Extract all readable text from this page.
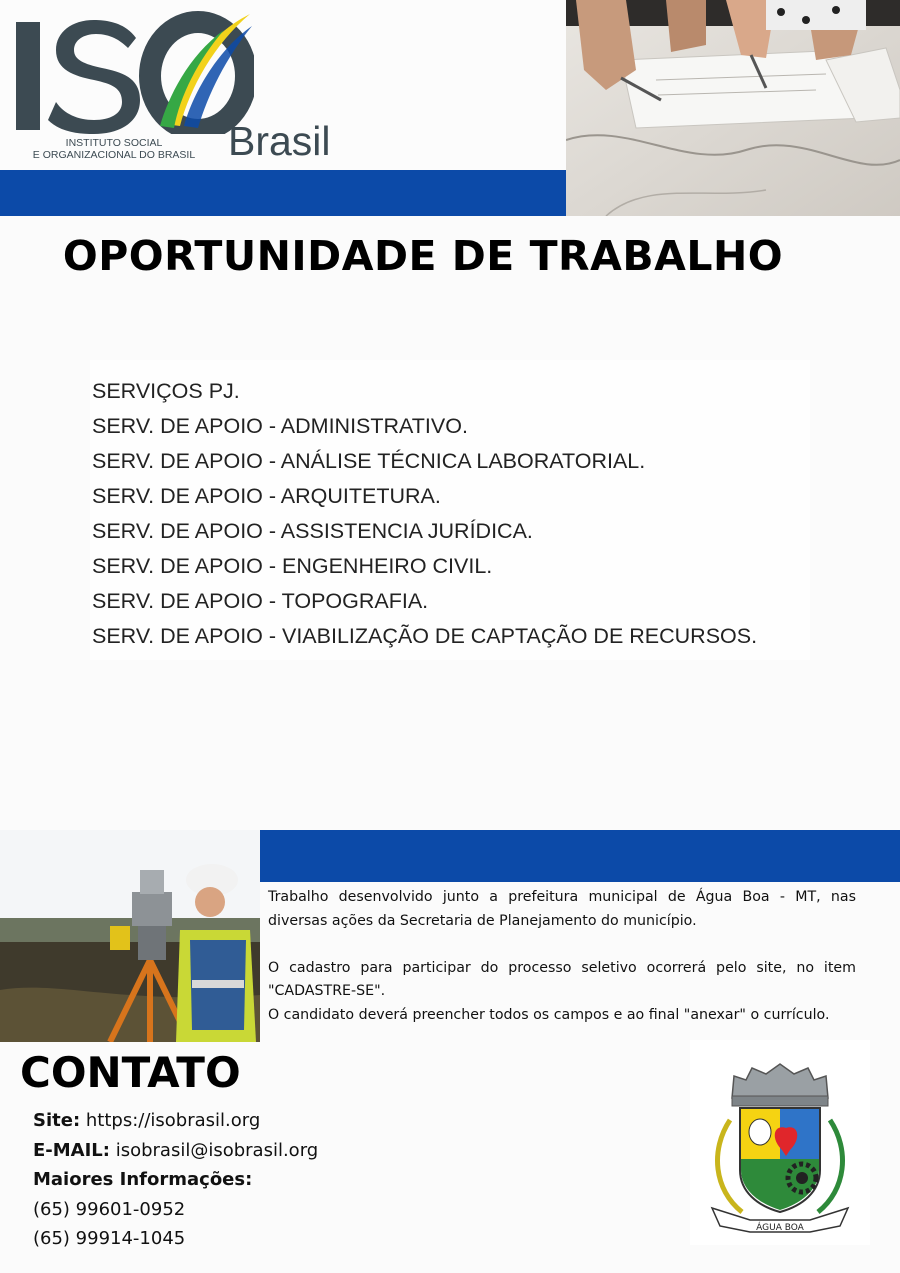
INSTITUTO SOCIAL
E ORGANIZACIONAL DO BRASIL Brasil
OPORTUNIDADE DE TRABALHO
SERVIÇOS PJ.
SERV. DE APOIO - ADMINISTRATIVO.
SERV. DE APOIO - ANÁLISE TÉCNICA LABORATORIAL.
SERV. DE APOIO - ARQUITETURA.
SERV. DE APOIO - ASSISTENCIA JURÍDICA.
SERV. DE APOIO - ENGENHEIRO CIVIL.
SERV. DE APOIO - TOPOGRAFIA.
SERV. DE APOIO - VIABILIZAÇÃO DE CAPTAÇÃO DE RECURSOS.

Trabalho desenvolvido junto a prefeitura municipal de Água Boa - MT, nas diversas ações da Secretaria de Planejamento do município.

O cadastro para participar do processo seletivo ocorrerá pelo site, no item "CADASTRE-SE".

O candidato deverá preencher todos os campos e ao final "anexar" o currículo.

CONTATO
Site: https://isobrasil.org
E-MAIL: isobrasil@isobrasil.org
Maiores Informações:
(65) 99601-0952
(65) 99914-1045	ÁGUA BOA
